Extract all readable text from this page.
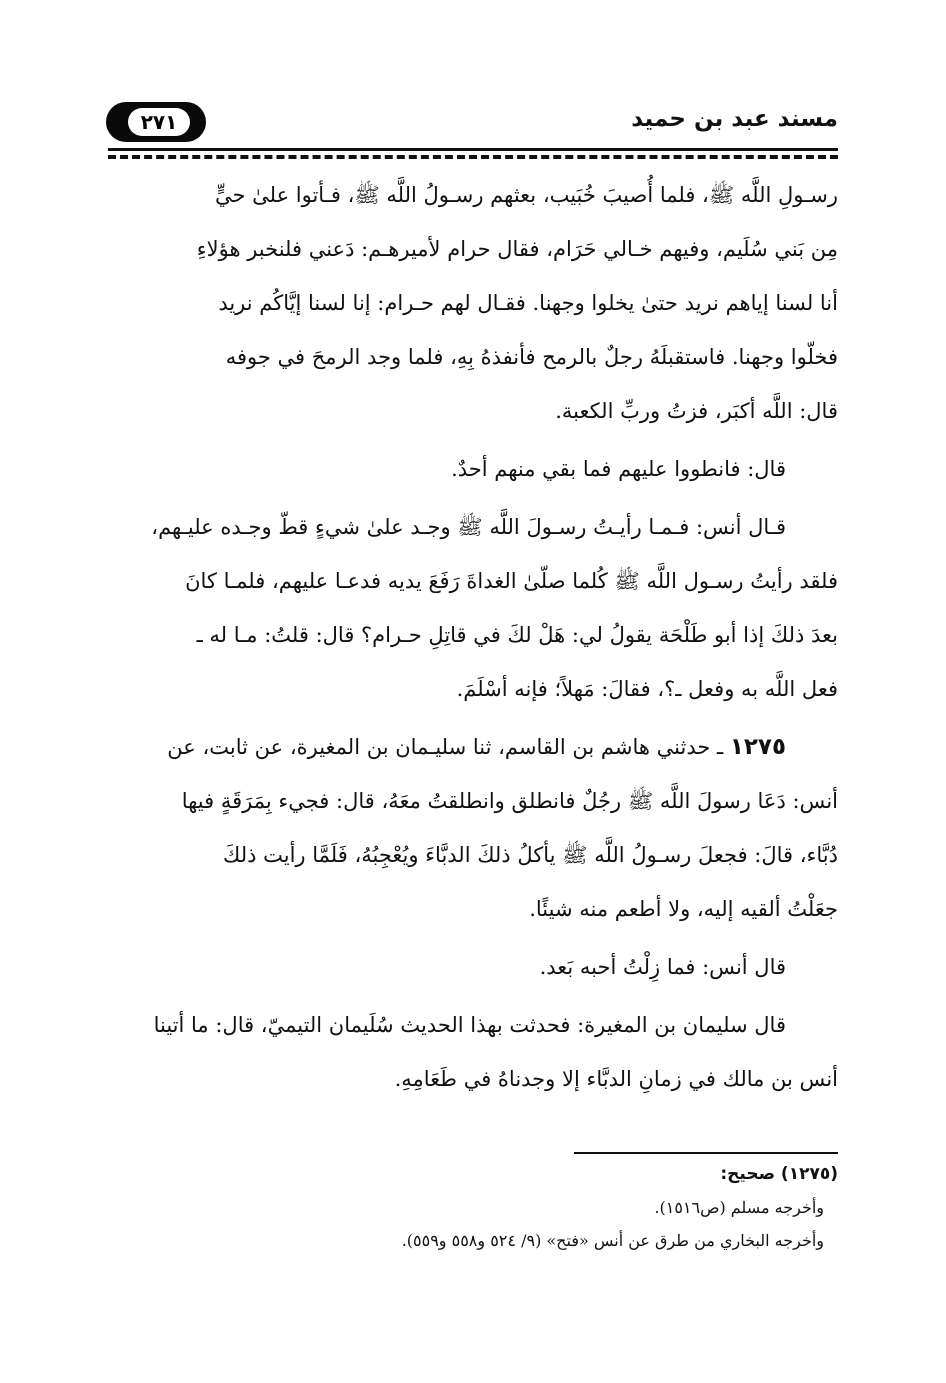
٢٧١	مسند عبد بن حميد
رسـولِ اللَّه ﷺ، فلما أُصيبَ خُبَيب، بعثهم رسـولُ اللَّه ﷺ، فـأتوا علىٰ حيٍّ
مِن بَني سُلَيم، وفيهم خـالي حَرَام، فقال حرام لأميرهـم: دَعني فلنخبر هؤلاءِ
أنا لسنا إياهم نريد حتىٰ يخلوا وجهنا. فقـال لهم حـرام: إنا لسنا إيَّاكُم نريد
فخلّوا وجهنا. فاستقبلَهُ رجلٌ بالرمح فأنفذهُ بِهِ، فلما وجد الرمحَ في جوفه
قال: اللَّه أكبَر، فزتُ وربِّ الكعبة.
قال: فانطووا عليهم فما بقي منهم أحدٌ.
قـال أنس: فـمـا رأيـتُ رسـولَ اللَّه ﷺ وجـد علىٰ شيءٍ قطّ وجـده عليـهم،
فلقد رأيتُ رسـول اللَّه ﷺ كُلما صلّىٰ الغداةَ رَفَعَ يديه فدعـا عليهم، فلمـا كانَ
بعدَ ذلكَ إذا أبو طَلْحَة يقولُ لي: هَلْ لكَ في قاتِلِ حـرام؟ قال: قلتُ: مـا له ـ
فعل اللَّه به وفعل ـ؟، فقالَ: مَهلاً؛ فإنه أسْلَمَ.
١٢٧٥ ـ حدثني هاشم بن القاسم، ثنا سليـمان بن المغيرة، عن ثابت، عن
أنس: دَعَا رسولَ اللَّه ﷺ رجُلٌ فانطلق وانطلقتُ معَهُ، قال: فجيء بِمَرَقَةٍ فيها
دُبَّاء، قالَ: فجعلَ رسـولُ اللَّه ﷺ يأكلُ ذلكَ الدبَّاءَ ويُعْجِبُهُ، فَلَمَّا رأيت ذلكَ
جعَلْتُ ألقيه إليه، ولا أطعم منه شيئًا.
قال أنس: فما زِلْتُ أحبه بَعد.
قال سليمان بن المغيرة: فحدثت بهذا الحديث سُلَيمان التيميّ، قال: ما أتينا
أنس بن مالك في زمانِ الدبَّاء إلا وجدناهُ في طَعَامِهِ.

(١٢٧٥) صحيح:

وأخرجه مسلم (ص١٥١٦).

وأخرجه البخاري من طرق عن أنس «فتح» (٩/ ٥٢٤ و٥٥٨ و٥٥٩).
